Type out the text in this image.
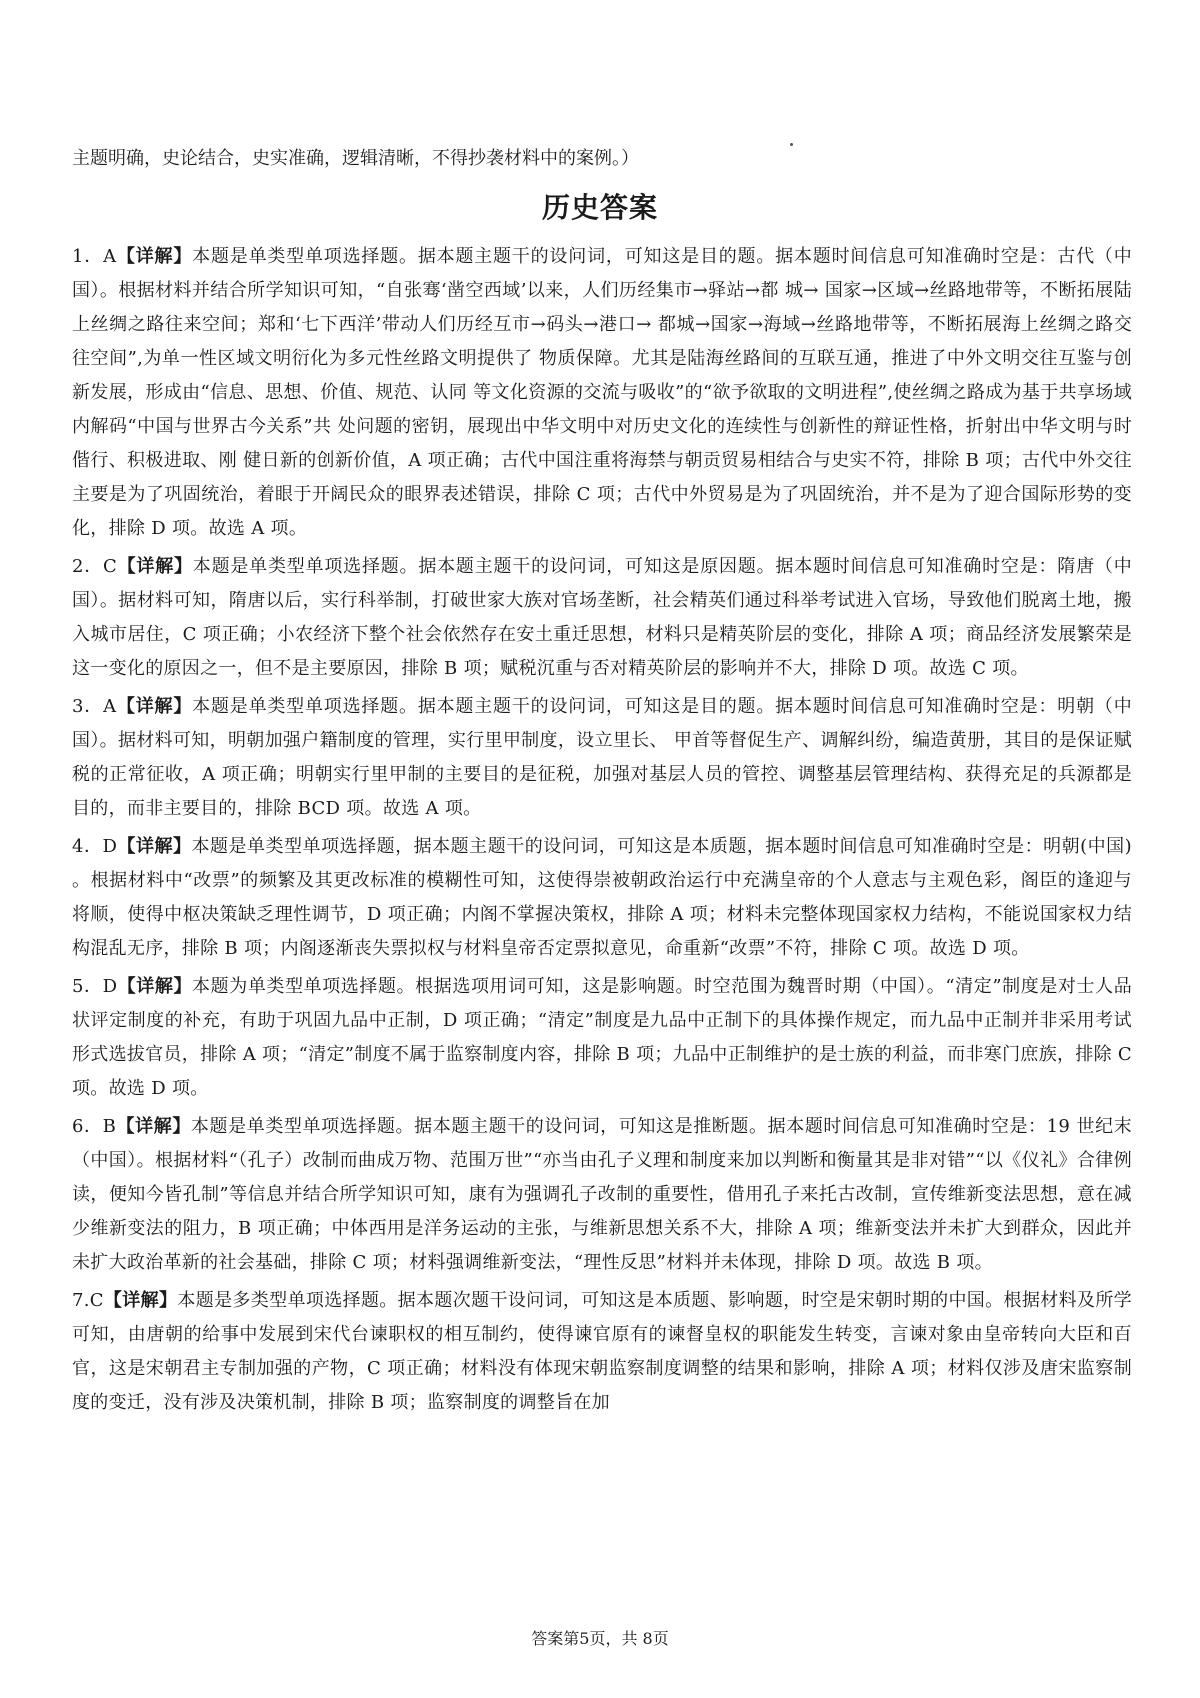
主题明确，史论结合，史实准确，逻辑清晰，不得抄袭材料中的案例。）
历史答案

1．A【详解】本题是单类型单项选择题。据本题主题干的设问词，可知这是目的题。据本题时间信息可知准确时空是：古代（中国）。根据材料并结合所学知识可知，“自张骞‘凿空西域’以来，人们历经集市→驿站→都 城→ 国家→区域→丝路地带等，不断拓展陆上丝绸之路往来空间；郑和‘七下西洋’带动人们历经互市→码头→港口→ 都城→国家→海域→丝路地带等，不断拓展海上丝绸之路交往空间”,为单一性区域文明衍化为多元性丝路文明提供了 物质保障。尤其是陆海丝路间的互联互通，推进了中外文明交往互鉴与创新发展，形成由“信息、思想、价值、规范、认同 等文化资源的交流与吸收”的“欲予欲取的文明进程”,使丝绸之路成为基于共享场域内解码“中国与世界古今关系”共 处问题的密钥，展现出中华文明中对历史文化的连续性与创新性的辩证性格，折射出中华文明与时偕行、积极进取、刚 健日新的创新价值，A 项正确；古代中国注重将海禁与朝贡贸易相结合与史实不符，排除 B 项；古代中外交往主要是为了巩固统治，着眼于开阔民众的眼界表述错误，排除 C 项；古代中外贸易是为了巩固统治，并不是为了迎合国际形势的变化，排除 D 项。故选 A 项。

2．C【详解】本题是单类型单项选择题。据本题主题干的设问词，可知这是原因题。据本题时间信息可知准确时空是：隋唐（中国）。据材料可知，隋唐以后，实行科举制，打破世家大族对官场垄断，社会精英们通过科举考试进入官场，导致他们脱离土地，搬入城市居住，C 项正确；小农经济下整个社会依然存在安土重迁思想，材料只是精英阶层的变化，排除 A 项；商品经济发展繁荣是这一变化的原因之一，但不是主要原因，排除 B 项；赋税沉重与否对精英阶层的影响并不大，排除 D 项。故选 C 项。

3．A【详解】本题是单类型单项选择题。据本题主题干的设问词，可知这是目的题。据本题时间信息可知准确时空是：明朝（中国）。据材料可知，明朝加强户籍制度的管理，实行里甲制度，设立里长、 甲首等督促生产、调解纠纷，编造黄册，其目的是保证赋税的正常征收，A 项正确；明朝实行里甲制的主要目的是征税，加强对基层人员的管控、调整基层管理结构、获得充足的兵源都是目的，而非主要目的，排除 BCD 项。故选 A 项。

4．D【详解】本题是单类型单项选择题，据本题主题干的设问词，可知这是本质题，据本题时间信息可知准确时空是：明朝(中国) 。根据材料中“改票”的频繁及其更改标准的模糊性可知，这使得崇被朝政治运行中充满皇帝的个人意志与主观色彩，阁臣的逢迎与将顺，使得中枢决策缺乏理性调节，D 项正确；内阁不掌握决策权，排除 A 项；材料未完整体现国家权力结构，不能说国家权力结构混乱无序，排除 B 项；内阁逐渐丧失票拟权与材料皇帝否定票拟意见，命重新“改票”不符，排除 C 项。故选 D 项。

5．D【详解】本题为单类型单项选择题。根据选项用词可知，这是影响题。时空范围为魏晋时期（中国）。“清定”制度是对士人品状评定制度的补充，有助于巩固九品中正制，D 项正确；“清定”制度是九品中正制下的具体操作规定，而九品中正制并非采用考试形式选拔官员，排除 A 项；“清定”制度不属于监察制度内容，排除 B 项；九品中正制维护的是士族的利益，而非寒门庶族，排除 C 项。故选 D 项。

6．B【详解】本题是单类型单项选择题。据本题主题干的设问词，可知这是推断题。据本题时间信息可知准确时空是：19 世纪末（中国）。根据材料“（孔子）改制而曲成万物、范围万世”“亦当由孔子义理和制度来加以判断和衡量其是非对错”“以《仪礼》合律例读，便知今皆孔制”等信息并结合所学知识可知，康有为强调孔子改制的重要性，借用孔子来托古改制，宣传维新变法思想，意在减少维新变法的阻力，B 项正确；中体西用是洋务运动的主张，与维新思想关系不大，排除 A 项；维新变法并未扩大到群众，因此并未扩大政治革新的社会基础，排除 C 项；材料强调维新变法，“理性反思”材料并未体现，排除 D 项。故选 B 项。

7.C【详解】本题是多类型单项选择题。据本题次题干设问词，可知这是本质题、影响题，时空是宋朝时期的中国。根据材料及所学可知，由唐朝的给事中发展到宋代台谏职权的相互制约，使得谏官原有的谏督皇权的职能发生转变，言谏对象由皇帝转向大臣和百官，这是宋朝君主专制加强的产物，C 项正确；材料没有体现宋朝监察制度调整的结果和影响，排除 A 项；材料仅涉及唐宋监察制度的变迁，没有涉及决策机制，排除 B 项；监察制度的调整旨在加

答案第5页，共 8页
